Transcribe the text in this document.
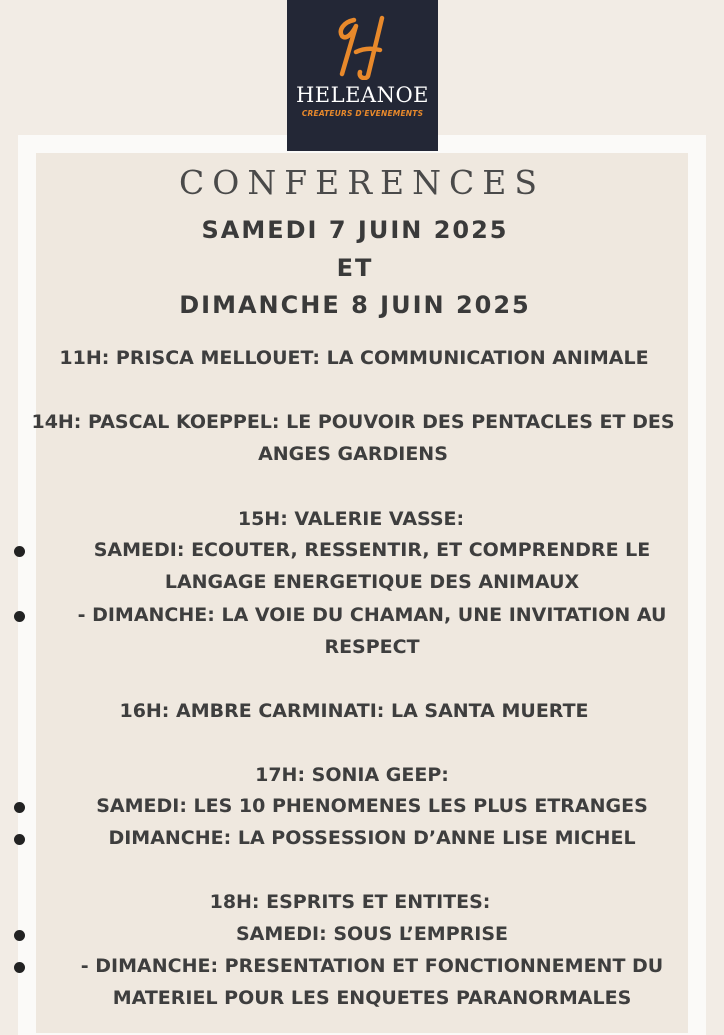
HELEANOE
CREATEURS D'EVENEMENTS
CONFERENCES
SAMEDI 7 JUIN 2025
ET
DIMANCHE 8 JUIN 2025
11H: PRISCA MELLOUET: LA COMMUNICATION ANIMALE
14H: PASCAL KOEPPEL: LE POUVOIR DES PENTACLES ET DES
ANGES GARDIENS
15H: VALERIE VASSE:
SAMEDI: ECOUTER, RESSENTIR, ET COMPRENDRE LE
LANGAGE ENERGETIQUE DES ANIMAUX
- DIMANCHE: LA VOIE DU CHAMAN, UNE INVITATION AU
RESPECT
16H: AMBRE CARMINATI: LA SANTA MUERTE
17H: SONIA GEEP:
SAMEDI: LES 10 PHENOMENES LES PLUS ETRANGES
DIMANCHE: LA POSSESSION D’ANNE LISE MICHEL
18H: ESPRITS ET ENTITES:
SAMEDI: SOUS L’EMPRISE
- DIMANCHE: PRESENTATION ET FONCTIONNEMENT DU
MATERIEL POUR LES ENQUETES PARANORMALES
